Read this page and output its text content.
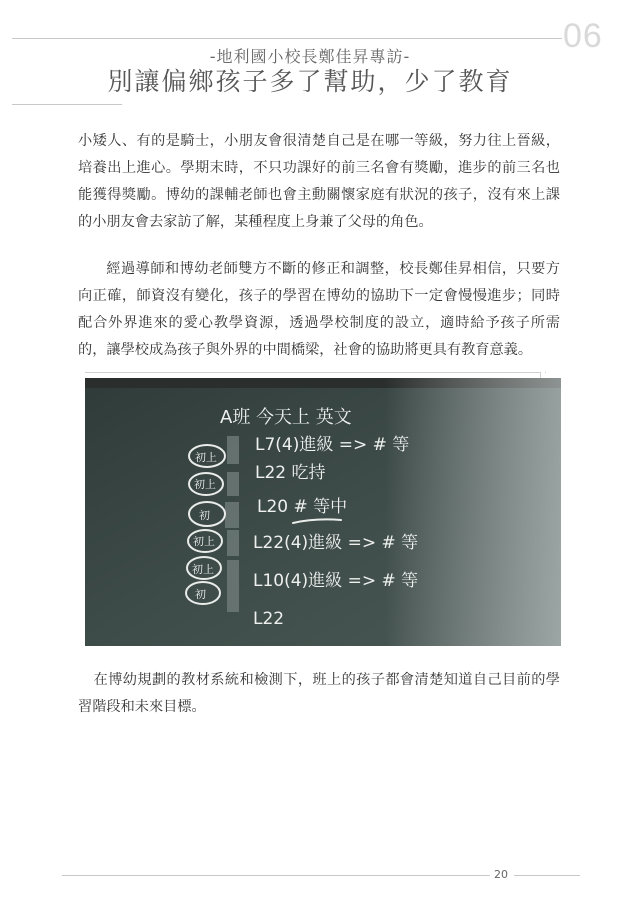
06
-地利國小校長鄭佳昇專訪-
別讓偏鄉孩子多了幫助，少了教育

小矮人、有的是騎士，小朋友會很清楚自己是在哪一等級，努力往上晉級，培養出上進心。學期末時，不只功課好的前三名會有獎勵，進步的前三名也能獲得獎勵。博幼的課輔老師也會主動關懷家庭有狀況的孩子，沒有來上課的小朋友會去家訪了解，某種程度上身兼了父母的角色。

經過導師和博幼老師雙方不斷的修正和調整，校長鄭佳昇相信，只要方向正確，師資沒有變化，孩子的學習在博幼的協助下一定會慢慢進步；同時配合外界進來的愛心教學資源，透過學校制度的設立，適時給予孩子所需的，讓學校成為孩子與外界的中間橋梁，社會的協助將更具有教育意義。

A班 今天上 英文
初上
L7(4)進級 => # 等
初上
L22 吃持
初	L20 # 等中
初上 L22(4)進級 => # 等
初上
L10(4)進級 => # 等
初
L22

在博幼規劃的教材系統和檢測下，班上的孩子都會清楚知道自己目前的學習階段和未來目標。

20
